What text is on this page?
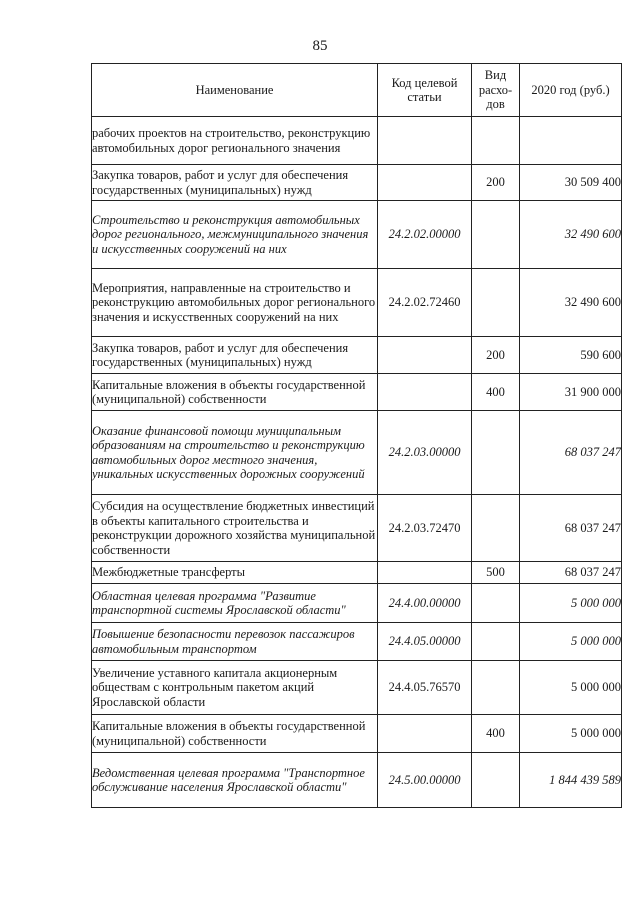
85
Наименование	Код целевой статьи	Вид расхо-дов	2020 год (руб.)
рабочих проектов на строительство, реконструкцию автомобильных дорог регионального значения			
Закупка товаров, работ и услуг для обеспечения государственных (муниципальных) нужд		200	30 509 400
Строительство и реконструкция автомобильных дорог регионального, межмуниципального значения и искусственных сооружений на них	24.2.02.00000		32 490 600
Мероприятия, направленные на строительство и реконструкцию автомобильных дорог регионального значения и искусственных сооружений на них	24.2.02.72460		32 490 600
Закупка товаров, работ и услуг для обеспечения государственных (муниципальных) нужд		200	590 600
Капитальные вложения в объекты государственной (муниципальной) собственности		400	31 900 000
Оказание финансовой помощи муниципальным образованиям на строительство и реконструкцию автомобильных дорог местного значения, уникальных искусственных дорожных сооружений	24.2.03.00000		68 037 247
Субсидия на осуществление бюджетных инвестиций в объекты капитального строительства и реконструкции дорожного хозяйства муниципальной собственности	24.2.03.72470		68 037 247
Межбюджетные трансферты		500	68 037 247
Областная целевая программа "Развитие транспортной системы Ярославской области"	24.4.00.00000		5 000 000
Повышение безопасности перевозок пассажиров автомобильным транспортом	24.4.05.00000		5 000 000
Увеличение уставного капитала акционерным обществам с контрольным пакетом акций Ярославской области	24.4.05.76570		5 000 000
Капитальные вложения в объекты государственной (муниципальной) собственности		400	5 000 000
Ведомственная целевая программа "Транспортное обслуживание населения Ярославской области"	24.5.00.00000		1 844 439 589
